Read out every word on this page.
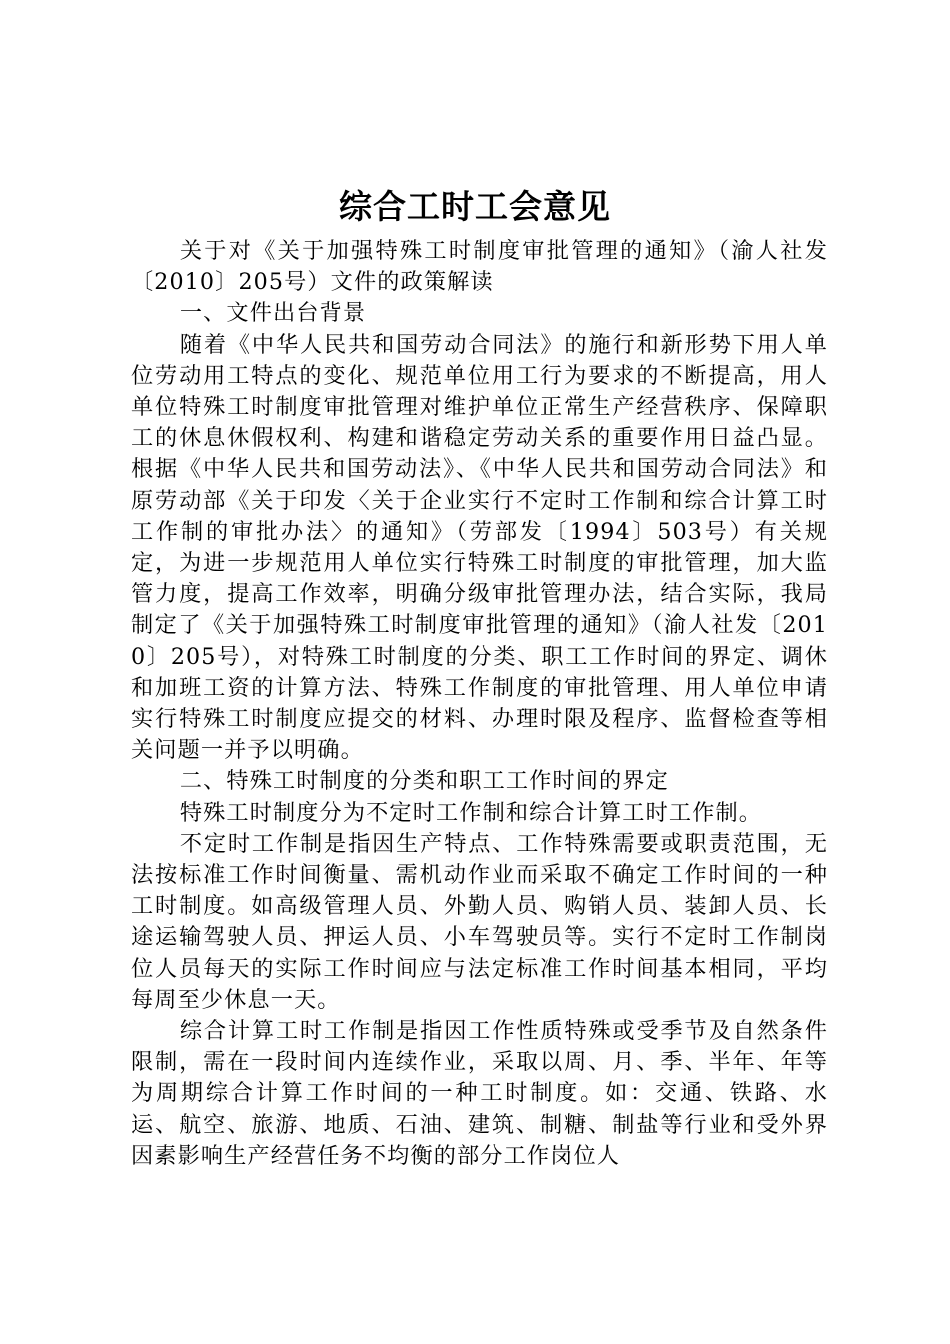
综合工时工会意见

关于对《关于加强特殊工时制度审批管理的通知》（渝人社发〔2010〕205号）文件的政策解读

一、文件出台背景

随着《中华人民共和国劳动合同法》的施行和新形势下用人单位劳动用工特点的变化、规范单位用工行为要求的不断提高，用人单位特殊工时制度审批管理对维护单位正常生产经营秩序、保障职工的休息休假权利、构建和谐稳定劳动关系的重要作用日益凸显。根据《中华人民共和国劳动法》、《中华人民共和国劳动合同法》和原劳动部《关于印发〈关于企业实行不定时工作制和综合计算工时工作制的审批办法〉的通知》（劳部发〔1994〕503号）有关规定，为进一步规范用人单位实行特殊工时制度的审批管理，加大监管力度，提高工作效率，明确分级审批管理办法，结合实际，我局制定了《关于加强特殊工时制度审批管理的通知》（渝人社发〔2010〕205号），对特殊工时制度的分类、职工工作时间的界定、调休和加班工资的计算方法、特殊工作制度的审批管理、用人单位申请实行特殊工时制度应提交的材料、办理时限及程序、监督检查等相关问题一并予以明确。

二、特殊工时制度的分类和职工工作时间的界定

特殊工时制度分为不定时工作制和综合计算工时工作制。

不定时工作制是指因生产特点、工作特殊需要或职责范围，无法按标准工作时间衡量、需机动作业而采取不确定工作时间的一种工时制度。如高级管理人员、外勤人员、购销人员、装卸人员、长途运输驾驶人员、押运人员、小车驾驶员等。实行不定时工作制岗位人员每天的实际工作时间应与法定标准工作时间基本相同，平均每周至少休息一天。

综合计算工时工作制是指因工作性质特殊或受季节及自然条件限制，需在一段时间内连续作业，采取以周、月、季、半年、年等为周期综合计算工作时间的一种工时制度。如：交通、铁路、水运、航空、旅游、地质、石油、建筑、制糖、制盐等行业和受外界因素影响生产经营任务不均衡的部分工作岗位人
